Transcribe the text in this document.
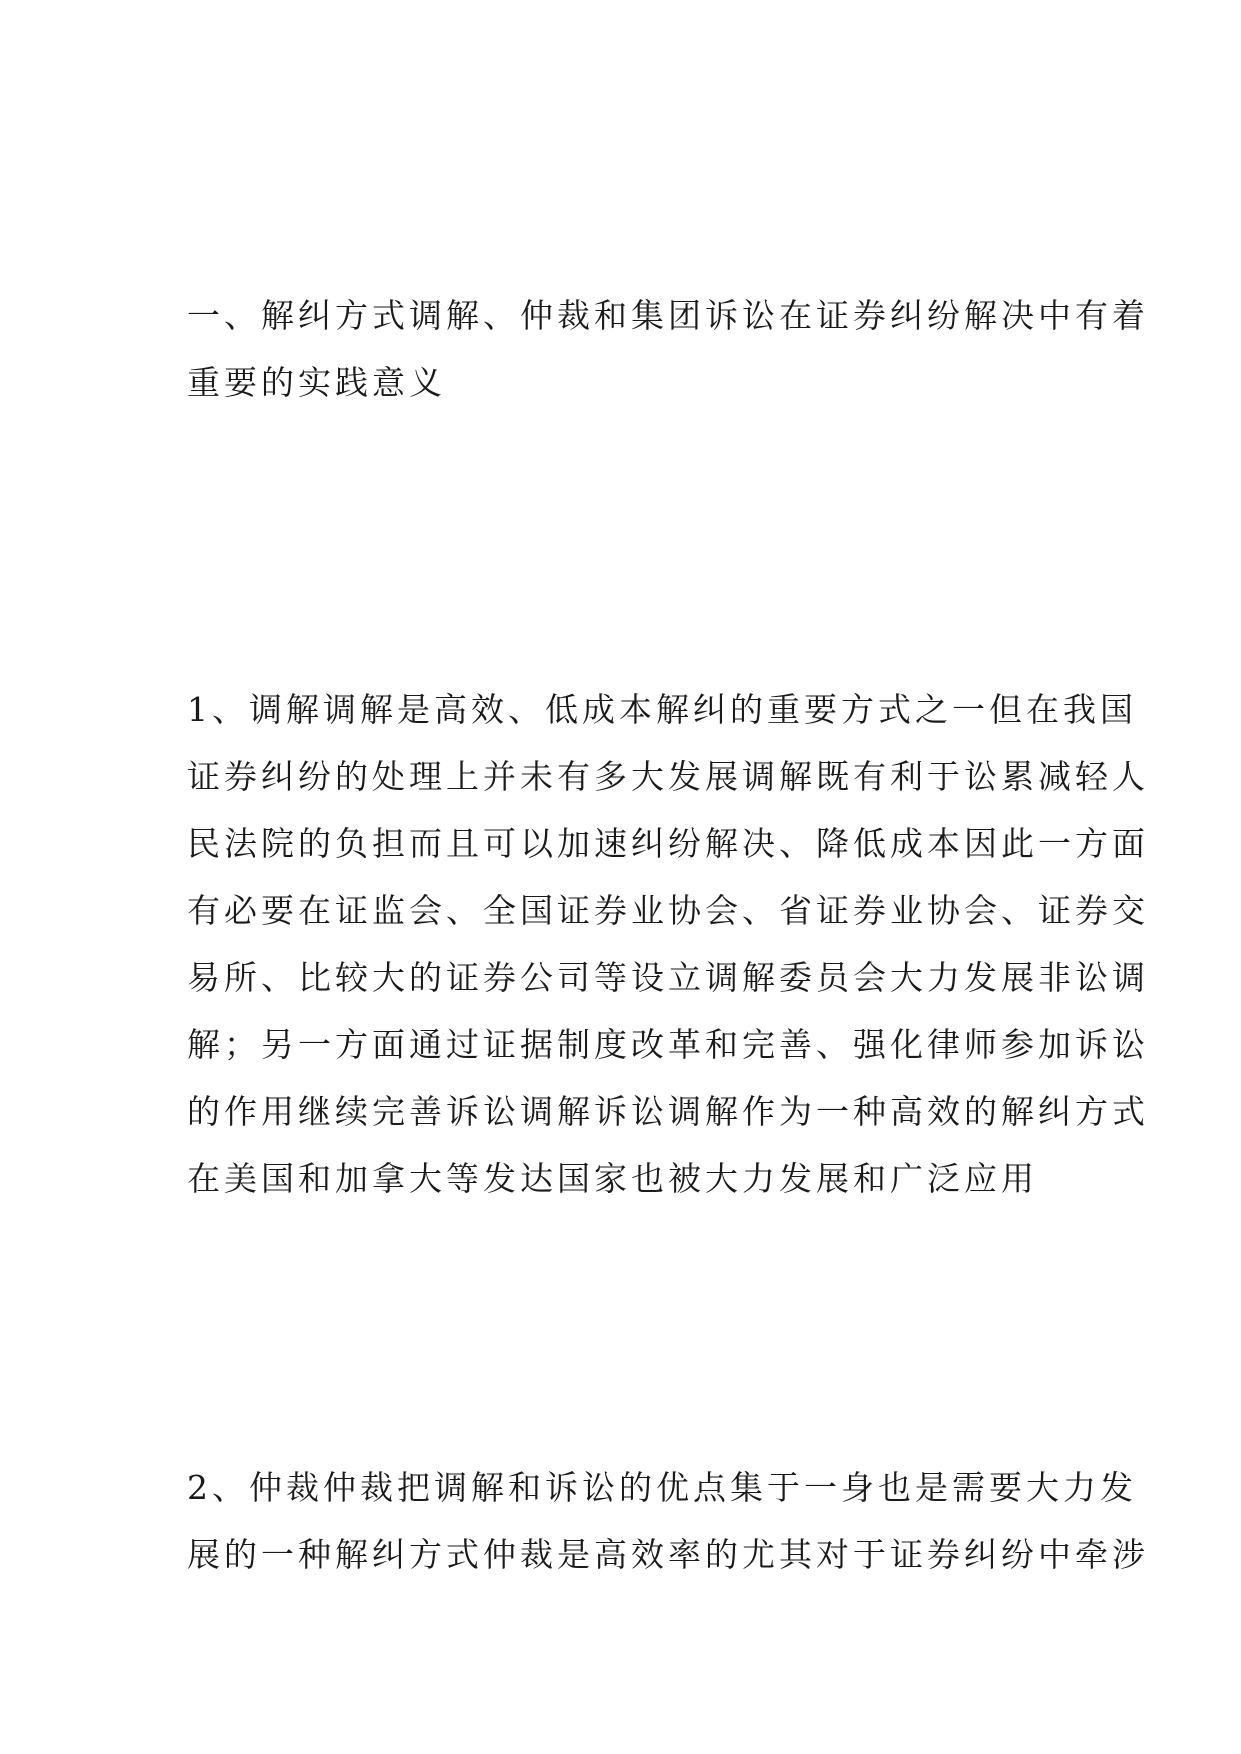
一、解纠方式调解、仲裁和集团诉讼在证券纠纷解决中有着
重要的实践意义
1、调解调解是高效、低成本解纠的重要方式之一但在我国
证券纠纷的处理上并未有多大发展调解既有利于讼累减轻人
民法院的负担而且可以加速纠纷解决、降低成本因此一方面
有必要在证监会、全国证券业协会、省证券业协会、证券交
易所、比较大的证券公司等设立调解委员会大力发展非讼调
解；另一方面通过证据制度改革和完善、强化律师参加诉讼
的作用继续完善诉讼调解诉讼调解作为一种高效的解纠方式
在美国和加拿大等发达国家也被大力发展和广泛应用
2、仲裁仲裁把调解和诉讼的优点集于一身也是需要大力发
展的一种解纠方式仲裁是高效率的尤其对于证券纠纷中牵涉
